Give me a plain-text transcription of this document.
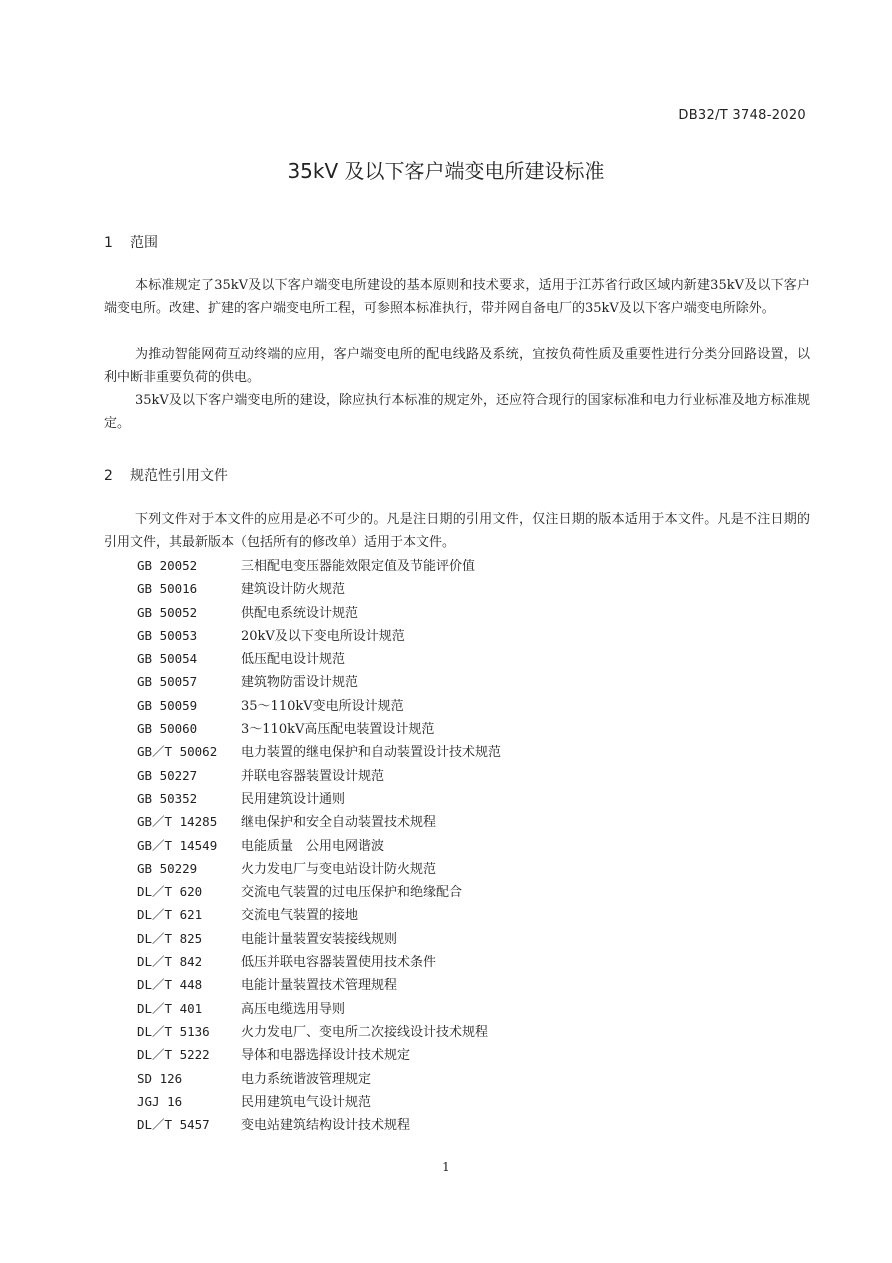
DB32/T 3748-2020
35kV 及以下客户端变电所建设标准
1 范围

本标准规定了35kV及以下客户端变电所建设的基本原则和技术要求，适用于江苏省行政区域内新建35kV及以下客户端变电所。改建、扩建的客户端变电所工程，可参照本标准执行，带并网自备电厂的35kV及以下客户端变电所除外。

为推动智能网荷互动终端的应用，客户端变电所的配电线路及系统，宜按负荷性质及重要性进行分类分回路设置，以利中断非重要负荷的供电。

35kV及以下客户端变电所的建设，除应执行本标准的规定外，还应符合现行的国家标准和电力行业标准及地方标准规定。

2 规范性引用文件

下列文件对于本文件的应用是必不可少的。凡是注日期的引用文件，仅注日期的版本适用于本文件。凡是不注日期的引用文件，其最新版本（包括所有的修改单）适用于本文件。

GB 20052	三相配电变压器能效限定值及节能评价值
GB 50016	建筑设计防火规范
GB 50052	供配电系统设计规范
GB 50053	20kV及以下变电所设计规范
GB 50054	低压配电设计规范
GB 50057	建筑物防雷设计规范
GB 50059	35～110kV变电所设计规范
GB 50060	3～110kV高压配电装置设计规范
GB／T 50062 电力装置的继电保护和自动装置设计技术规范
GB 50227	并联电容器装置设计规范
GB 50352	民用建筑设计通则
GB／T 14285 继电保护和安全自动装置技术规程
GB／T 14549 电能质量　公用电网谐波
GB 50229	火力发电厂与变电站设计防火规范
DL／T 620	交流电气装置的过电压保护和绝缘配合
DL／T 621	交流电气装置的接地
DL／T 825	电能计量装置安装接线规则
DL／T 842	低压并联电容器装置使用技术条件
DL／T 448	电能计量装置技术管理规程
DL／T 401	高压电缆选用导则
DL／T 5136 火力发电厂、变电所二次接线设计技术规程
DL／T 5222 导体和电器选择设计技术规定
SD 126	电力系统谐波管理规定
JGJ 16	民用建筑电气设计规范
DL／T 5457 变电站建筑结构设计技术规程
1
